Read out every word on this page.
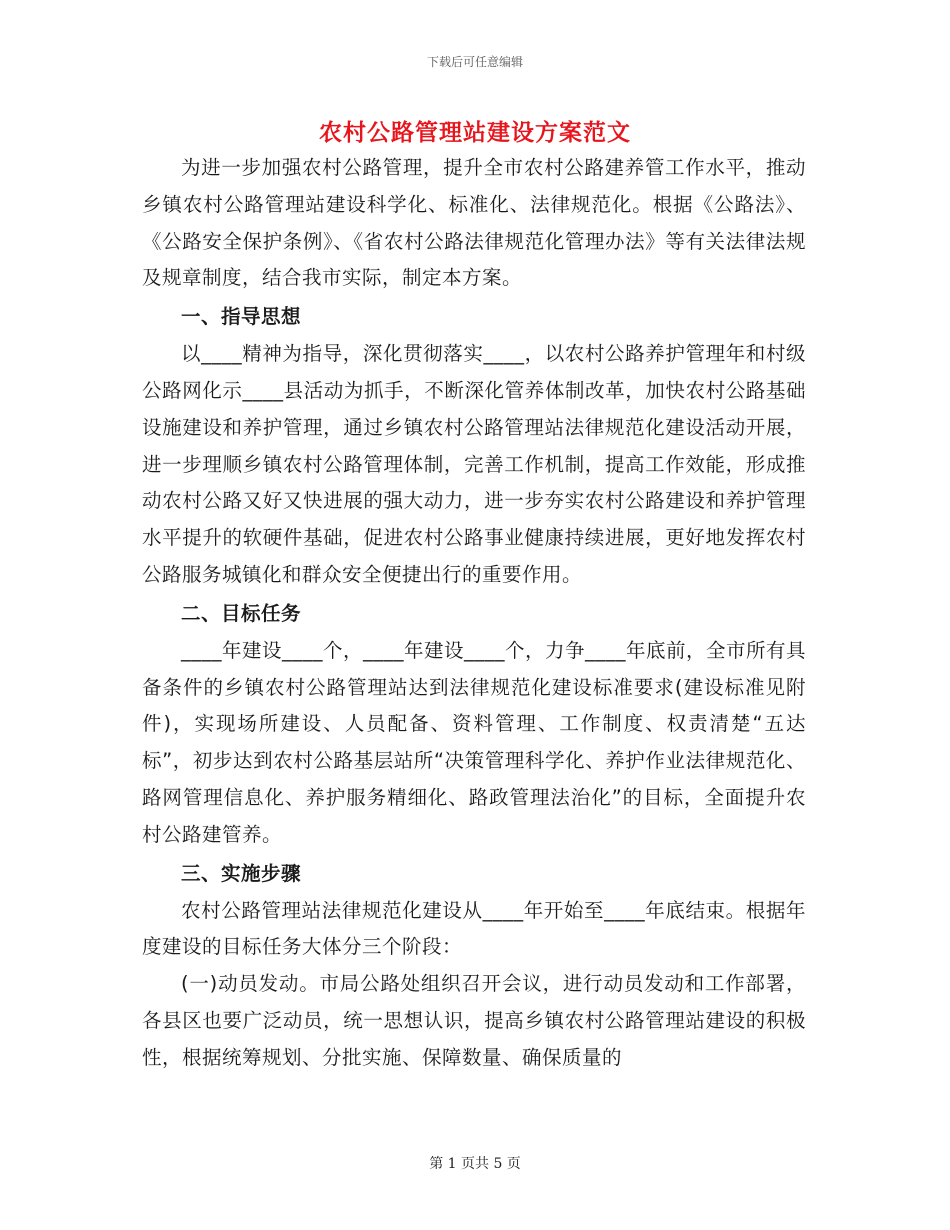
下载后可任意编辑
农村公路管理站建设方案范文

为进一步加强农村公路管理，提升全市农村公路建养管工作水平，推动乡镇农村公路管理站建设科学化、标准化、法律规范化。根据《公路法》、《公路安全保护条例》、《省农村公路法律规范化管理办法》等有关法律法规及规章制度，结合我市实际，制定本方案。

一、指导思想

以____精神为指导，深化贯彻落实____，以农村公路养护管理年和村级公路网化示____县活动为抓手，不断深化管养体制改革，加快农村公路基础设施建设和养护管理，通过乡镇农村公路管理站法律规范化建设活动开展，进一步理顺乡镇农村公路管理体制，完善工作机制，提高工作效能，形成推动农村公路又好又快进展的强大动力，进一步夯实农村公路建设和养护管理水平提升的软硬件基础，促进农村公路事业健康持续进展，更好地发挥农村公路服务城镇化和群众安全便捷出行的重要作用。

二、目标任务

____年建设____个，____年建设____个，力争____年底前，全市所有具备条件的乡镇农村公路管理站达到法律规范化建设标准要求(建设标准见附件)，实现场所建设、人员配备、资料管理、工作制度、权责清楚“五达标”，初步达到农村公路基层站所“决策管理科学化、养护作业法律规范化、路网管理信息化、养护服务精细化、路政管理法治化”的目标，全面提升农村公路建管养。

三、实施步骤

农村公路管理站法律规范化建设从____年开始至____年底结束。根据年度建设的目标任务大体分三个阶段：

(一)动员发动。市局公路处组织召开会议，进行动员发动和工作部署，各县区也要广泛动员，统一思想认识，提高乡镇农村公路管理站建设的积极性，根据统筹规划、分批实施、保障数量、确保质量的

第 1 页共 5 页
